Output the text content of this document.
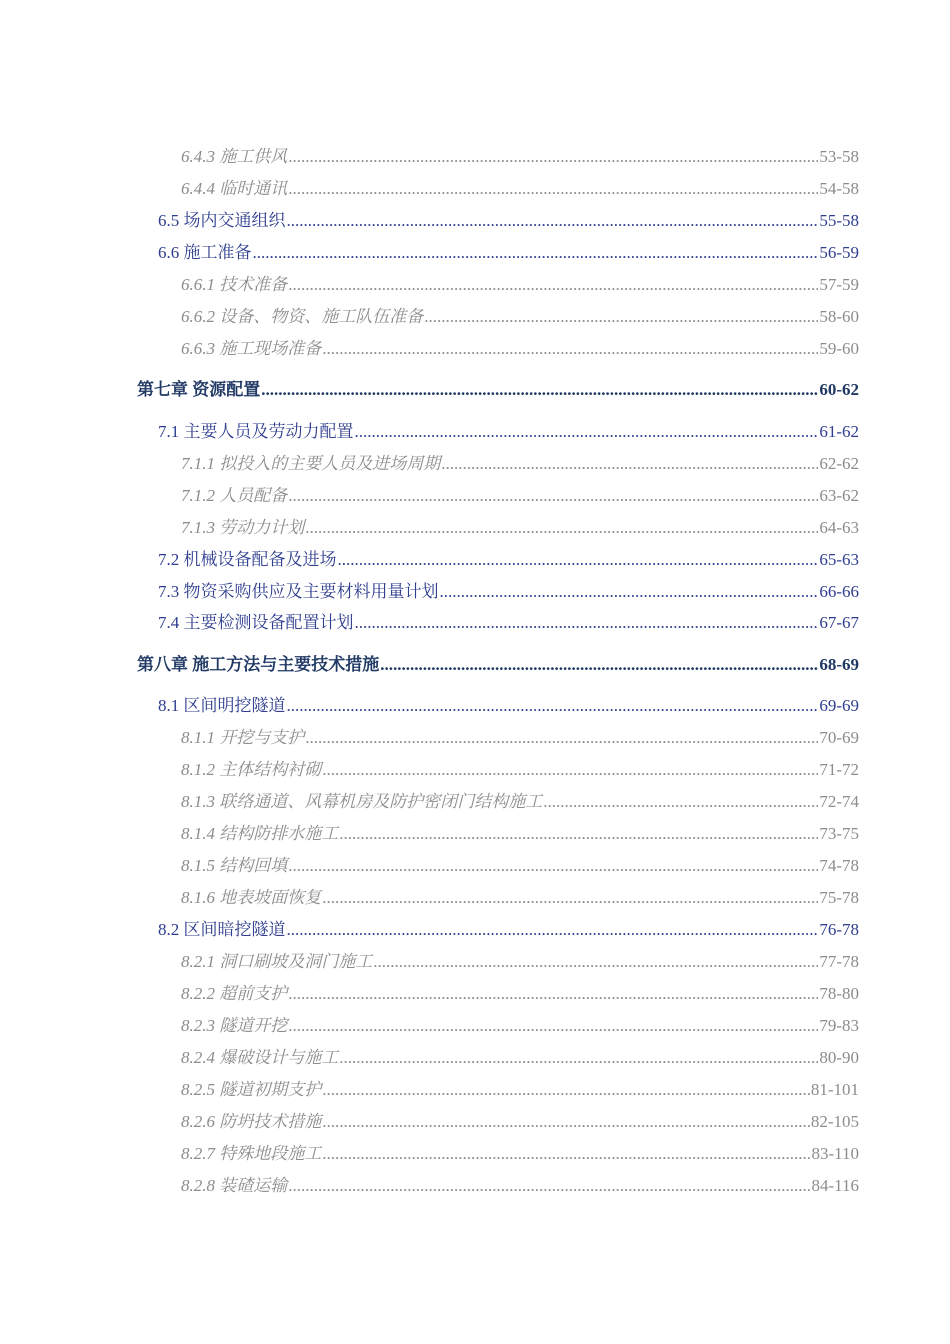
6.4.3 施工供风 .....	53-58
6.4.4 临时通讯 .....	54-58
6.5 场内交通组织 .....	55-58
6.6 施工准备 .....	56-59
6.6.1 技术准备 .....	57-59
6.6.2 设备、物资、施工队伍准备 .....	58-60
6.6.3 施工现场准备 .....	59-60
第七章 资源配置 .....	60-62
7.1 主要人员及劳动力配置 .....	61-62
7.1.1 拟投入的主要人员及进场周期 .....	62-62
7.1.2 人员配备 .....	63-62
7.1.3 劳动力计划 .....	64-63
7.2 机械设备配备及进场 .....	65-63
7.3 物资采购供应及主要材料用量计划 .....	66-66
7.4 主要检测设备配置计划 .....	67-67
第八章 施工方法与主要技术措施 .....	68-69
8.1 区间明挖隧道 .....	69-69
8.1.1 开挖与支护 .....	70-69
8.1.2 主体结构衬砌 .....	71-72
8.1.3 联络通道、风幕机房及防护密闭门结构施工 .....	72-74
8.1.4 结构防排水施工 .....	73-75
8.1.5 结构回填 .....	74-78
8.1.6 地表坡面恢复 .....	75-78
8.2 区间暗挖隧道 .....	76-78
8.2.1 洞口刷坡及洞门施工 .....	77-78
8.2.2 超前支护 .....	78-80
8.2.3 隧道开挖 .....	79-83
8.2.4 爆破设计与施工 .....	80-90
8.2.5 隧道初期支护 .....	81-101
8.2.6 防坍技术措施 .....	82-105
8.2.7 特殊地段施工 .....	83-110
8.2.8 装碴运输 .....	84-116
